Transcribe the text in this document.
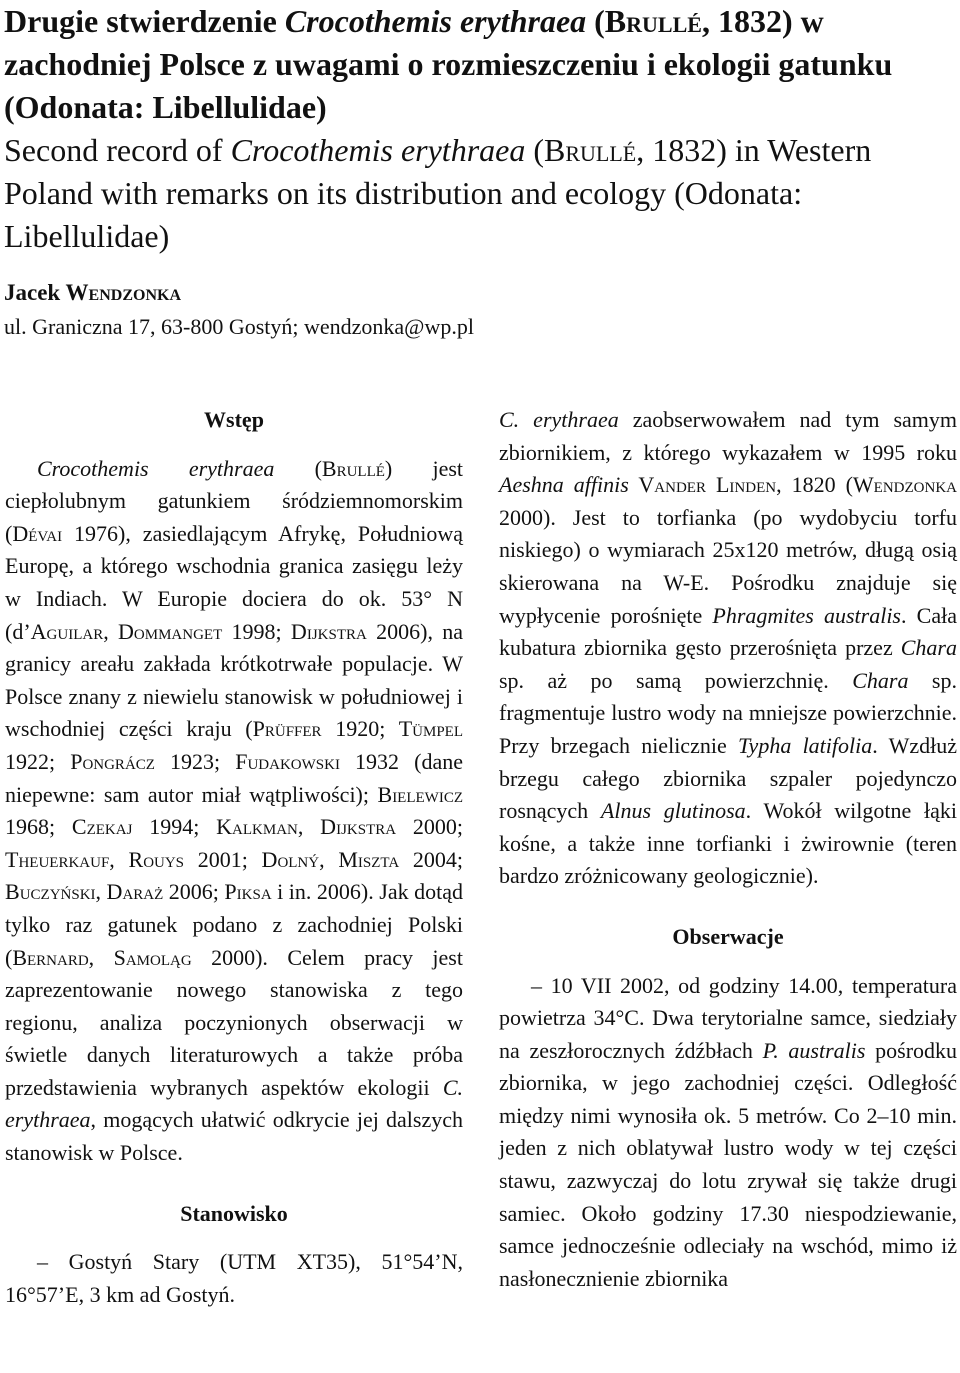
Drugie stwierdzenie Crocothemis erythraea (Brullé, 1832) w zachodniej Polsce z uwagami o rozmieszczeniu i ekologii gatunku (Odonata: Libellulidae)

Second record of Crocothemis erythraea (Brullé, 1832) in Western Poland with remarks on its distribution and ecology (Odonata: Libellulidae)

Jacek Wendzonka

ul. Graniczna 17, 63-800 Gostyń; wendzonka@wp.pl

Wstęp

Crocothemis erythraea (Brullé) jest ciepłolubnym gatunkiem śródziemnomorskim (Dévai 1976), zasiedlającym Afrykę, Południową Europę, a którego wschodnia granica zasięgu leży w Indiach. W Europie dociera do ok. 53° N (d’Aguilar, Dommanget 1998; Dijkstra 2006), na granicy areału zakłada krótkotrwałe populacje. W Polsce znany z niewielu stanowisk w południowej i wschodniej części kraju (Prüffer 1920; Tümpel 1922; Pongrácz 1923; Fudakowski 1932 (dane niepewne: sam autor miał wątpliwości); Bielewicz 1968; Czekaj 1994; Kalkman, Dijkstra 2000; Theuerkauf, Rouys 2001; Dolný, Miszta 2004; Buczyński, Daraż 2006; Piksa i in. 2006). Jak dotąd tylko raz gatunek podano z zachodniej Polski (Bernard, Samoląg 2000). Celem pracy jest zaprezentowanie nowego stanowiska z tego regionu, analiza poczynionych obserwacji w świetle danych literaturowych a także próba przedstawienia wybranych aspektów ekologii C. erythraea, mogących ułatwić odkrycie jej dalszych stanowisk w Polsce.

Stanowisko

– Gostyń Stary (UTM XT35), 51°54’N, 16°57’E, 3 km ad Gostyń.

C. erythraea zaobserwowałem nad tym samym zbiornikiem, z którego wykazałem w 1995 roku Aeshna affinis Vander Linden, 1820 (Wendzonka 2000). Jest to torfianka (po wydobyciu torfu niskiego) o wymiarach 25x120 metrów, długą osią skierowana na W-E. Pośrodku znajduje się wypłycenie porośnięte Phragmites australis. Cała kubatura zbiornika gęsto przerośnięta przez Chara sp. aż po samą powierzchnię. Chara sp. fragmentuje lustro wody na mniejsze powierzchnie. Przy brzegach nielicznie Typha latifolia. Wzdłuż brzegu całego zbiornika szpaler pojedynczo rosnących Alnus glutinosa. Wokół wilgotne łąki kośne, a także inne torfianki i żwirownie (teren bardzo zróżnicowany geologicznie).

Obserwacje

– 10 VII 2002, od godziny 14.00, temperatura powietrza 34°C. Dwa terytorialne samce, siedziały na zeszłorocznych źdźbłach P. australis pośrodku zbiornika, w jego zachodniej części. Odległość między nimi wynosiła ok. 5 metrów. Co 2–10 min. jeden z nich oblatywał lustro wody w tej części stawu, zazwyczaj do lotu zrywał się także drugi samiec. Około godziny 17.30 niespodziewanie, samce jednocześnie odleciały na wschód, mimo iż nasłonecznienie zbiornika
